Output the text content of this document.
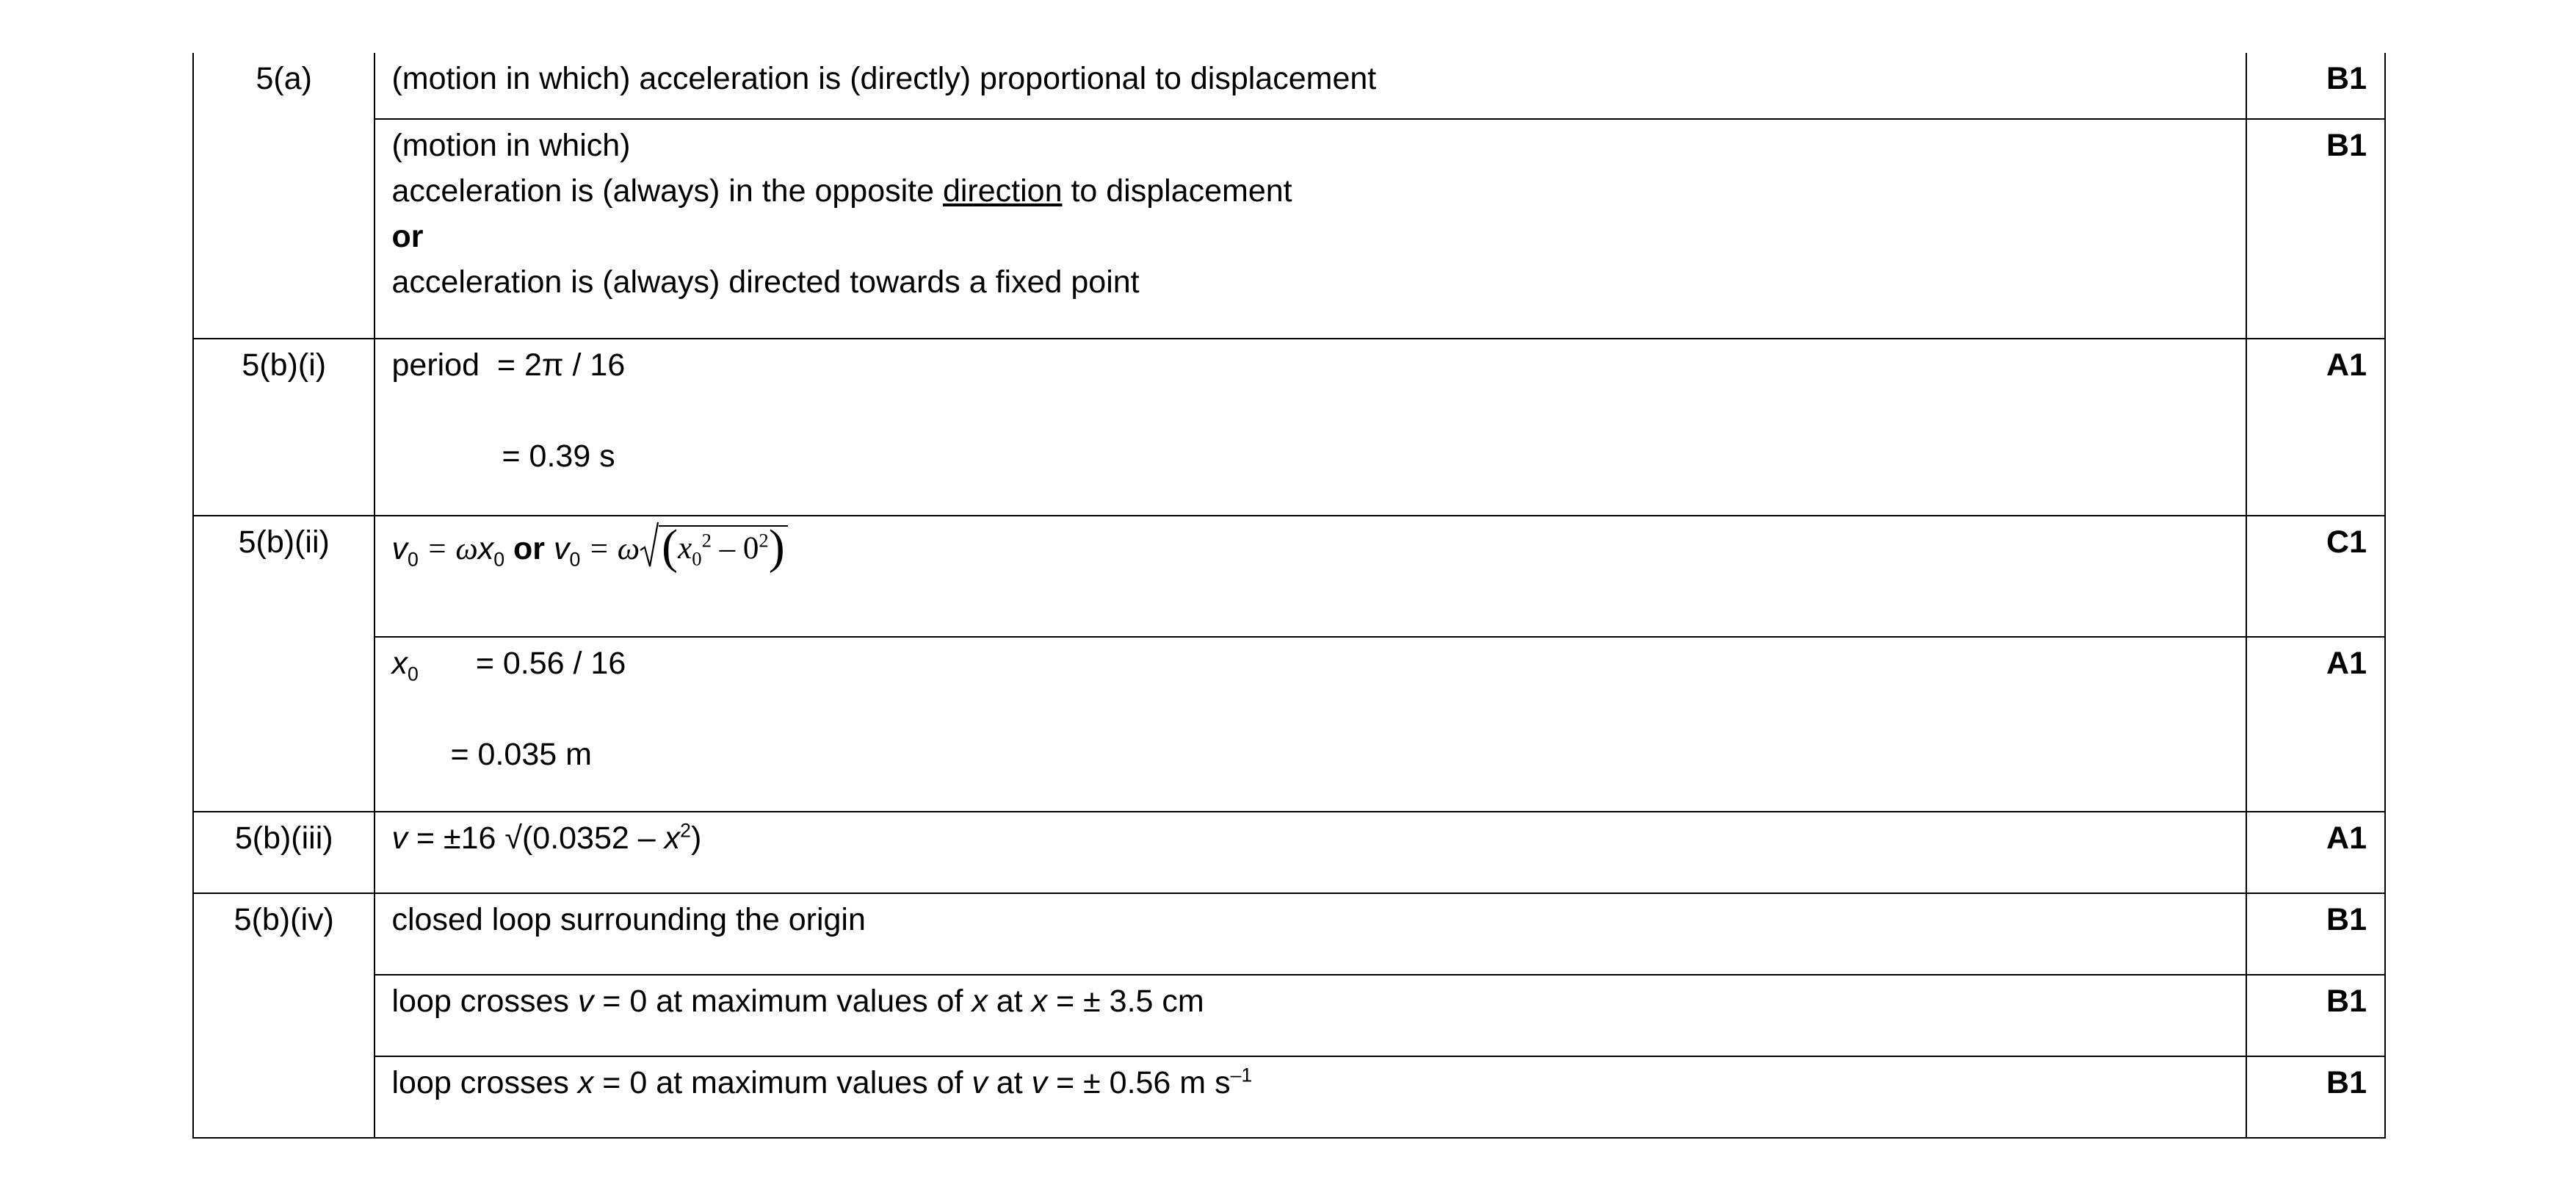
5(a)	(motion in which) acceleration is (directly) proportional to displacement	B1

	(motion in which)
acceleration is (always) in the opposite direction to displacement
or
acceleration is (always) directed towards a fixed point	B1
5(b)(i)	period = 2π / 16
= 0.39 s	A1
5(b)(ii)	$v_0 = \omega x_0$ or $v_0 = \omega$ $(x_0^2 - 0^2)$	C1

	$x_0 = 0.56 / 16$
= 0.035 m	A1
5(b)(iii)	v = ±16 $√(0.0352 - x^2)$	A1
5(b)(iv)	closed loop surrounding the origin	B1

	loop crosses v = 0 at maximum values of x at x = ± 3.5 cm	B1

	loop crosses x = 0 at maximum values of v at v = ± 0.56 m $s^{-1}$	B1
